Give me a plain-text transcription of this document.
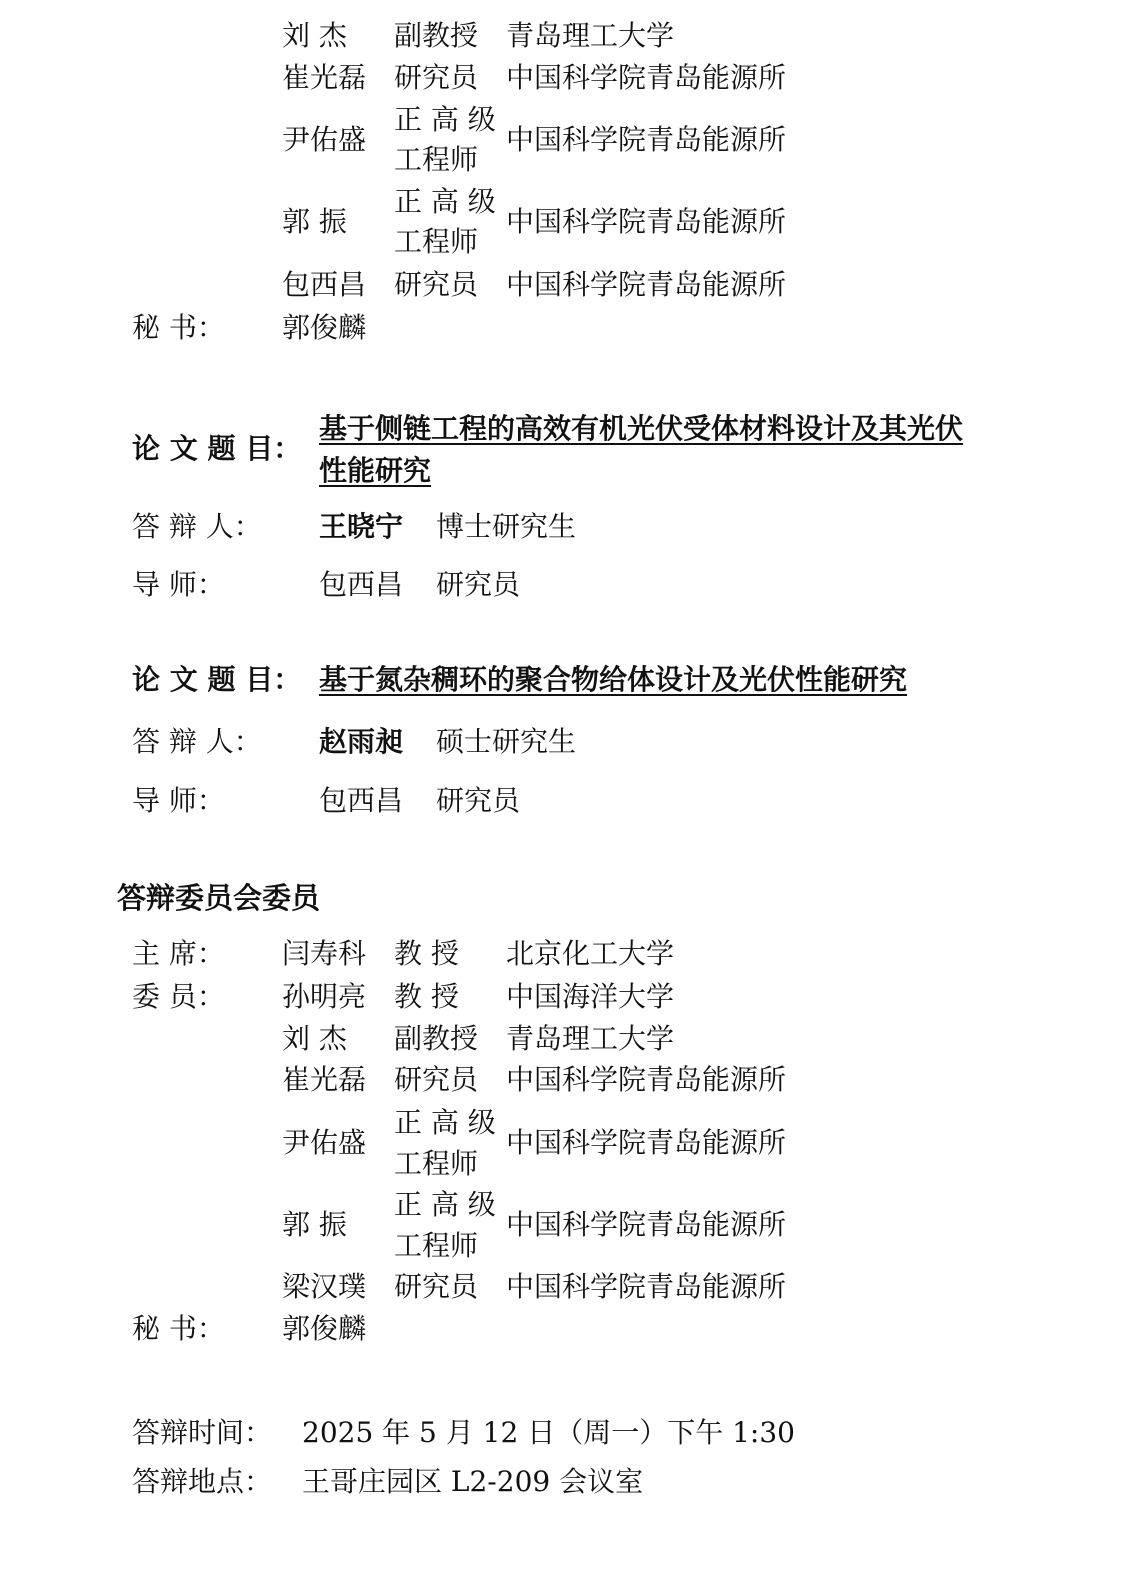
刘 杰 副教授 青岛理工大学
崔光磊 研究员 中国科学院青岛能源所
尹佑盛
正 高 级
工程师
中国科学院青岛能源所
郭 振
正 高 级
工程师
中国科学院青岛能源所
包西昌 研究员 中国科学院青岛能源所
秘 书： 郭俊麟
论 文 题 目：
基于侧链工程的高效有机光伏受体材料设计及其光伏性能研究
答 辩 人： 王晓宁 博士研究生
导 师：	包西昌 研究员
论 文 题 目： 基于氮杂稠环的聚合物给体设计及光伏性能研究
答 辩 人： 赵雨昶 硕士研究生
导 师：	包西昌 研究员
答辩委员会委员
主 席： 闫寿科 教 授 北京化工大学
委 员： 孙明亮 教 授 中国海洋大学
刘 杰 副教授 青岛理工大学
崔光磊 研究员 中国科学院青岛能源所
尹佑盛
正 高 级
工程师
中国科学院青岛能源所
郭 振
正 高 级
工程师
中国科学院青岛能源所
梁汉璞 研究员 中国科学院青岛能源所
秘 书： 郭俊麟
答辩时间： 2025 年 5 月 12 日（周一）下午 1:30
答辩地点： 王哥庄园区 L2-209 会议室
